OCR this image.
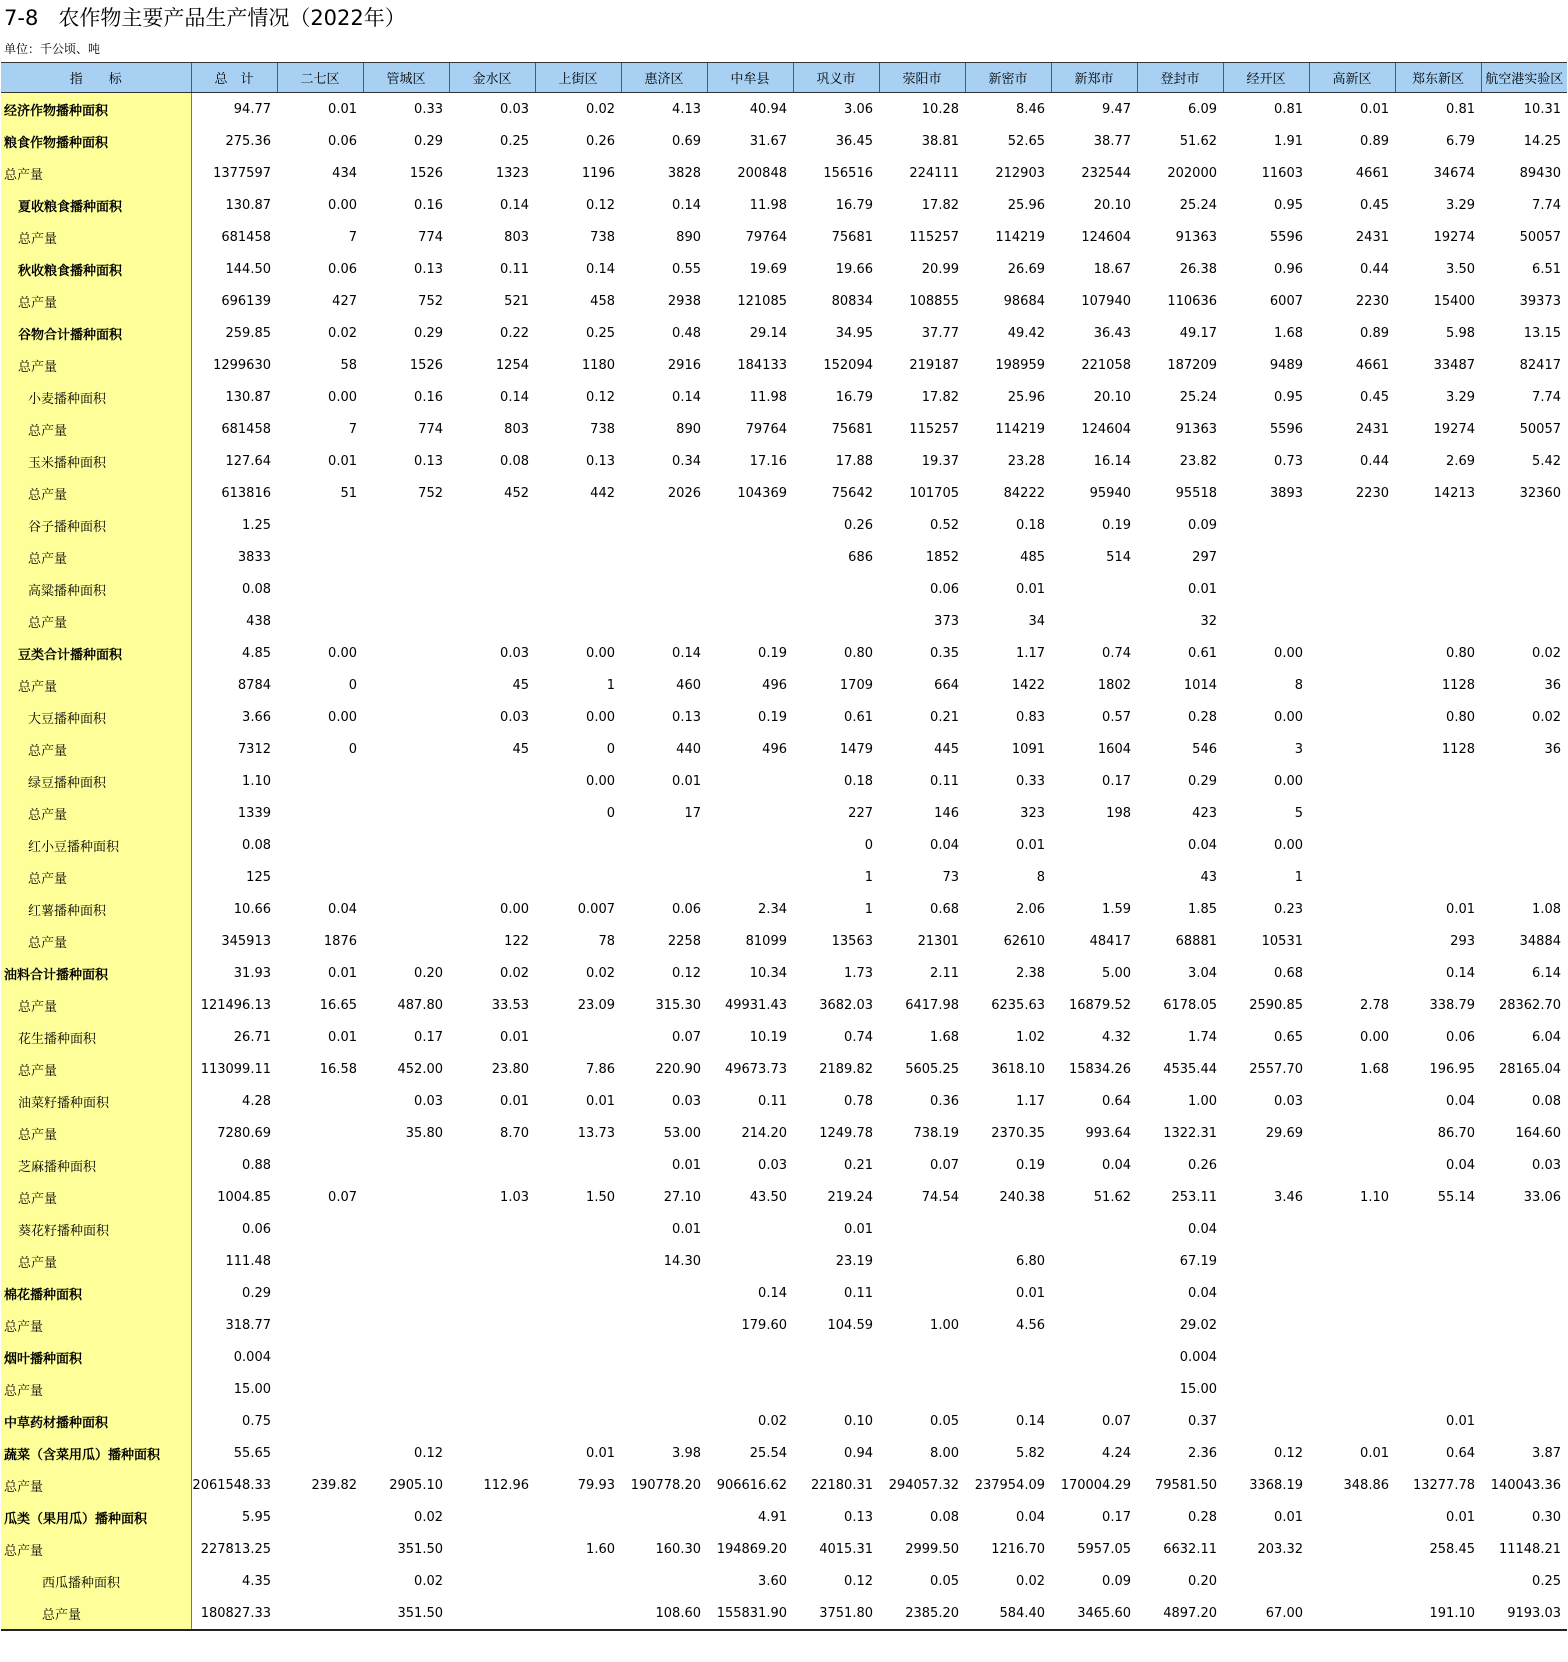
7-8   农作物主要产品生产情况（2022年）
单位：千公顷、吨
指　　标	总　计	二七区	管城区	金水区	上街区	惠济区	中牟县	巩义市	荥阳市	新密市	新郑市	登封市	经开区	高新区	郑东新区	航空港实验区
经济作物播种面积	94.77	0.01	0.33	0.03	0.02	4.13	40.94	3.06	10.28	8.46	9.47	6.09	0.81	0.01	0.81	10.31
粮食作物播种面积	275.36	0.06	0.29	0.25	0.26	0.69	31.67	36.45	38.81	52.65	38.77	51.62	1.91	0.89	6.79	14.25
总产量	1377597	434	1526	1323	1196	3828	200848	156516	224111	212903	232544	202000	11603	4661	34674	89430
夏收粮食播种面积	130.87	0.00	0.16	0.14	0.12	0.14	11.98	16.79	17.82	25.96	20.10	25.24	0.95	0.45	3.29	7.74
总产量	681458	7	774	803	738	890	79764	75681	115257	114219	124604	91363	5596	2431	19274	50057
秋收粮食播种面积	144.50	0.06	0.13	0.11	0.14	0.55	19.69	19.66	20.99	26.69	18.67	26.38	0.96	0.44	3.50	6.51
总产量	696139	427	752	521	458	2938	121085	80834	108855	98684	107940	110636	6007	2230	15400	39373
谷物合计播种面积	259.85	0.02	0.29	0.22	0.25	0.48	29.14	34.95	37.77	49.42	36.43	49.17	1.68	0.89	5.98	13.15
总产量	1299630	58	1526	1254	1180	2916	184133	152094	219187	198959	221058	187209	9489	4661	33487	82417
小麦播种面积	130.87	0.00	0.16	0.14	0.12	0.14	11.98	16.79	17.82	25.96	20.10	25.24	0.95	0.45	3.29	7.74
总产量	681458	7	774	803	738	890	79764	75681	115257	114219	124604	91363	5596	2431	19274	50057
玉米播种面积	127.64	0.01	0.13	0.08	0.13	0.34	17.16	17.88	19.37	23.28	16.14	23.82	0.73	0.44	2.69	5.42
总产量	613816	51	752	452	442	2026	104369	75642	101705	84222	95940	95518	3893	2230	14213	32360
谷子播种面积	1.25							0.26	0.52	0.18	0.19	0.09				
总产量	3833							686	1852	485	514	297				
高粱播种面积	0.08								0.06	0.01		0.01				
总产量	438								373	34		32				
豆类合计播种面积	4.85	0.00		0.03	0.00	0.14	0.19	0.80	0.35	1.17	0.74	0.61	0.00		0.80	0.02
总产量	8784	0		45	1	460	496	1709	664	1422	1802	1014	8		1128	36
大豆播种面积	3.66	0.00		0.03	0.00	0.13	0.19	0.61	0.21	0.83	0.57	0.28	0.00		0.80	0.02
总产量	7312	0		45	0	440	496	1479	445	1091	1604	546	3		1128	36
绿豆播种面积	1.10				0.00	0.01		0.18	0.11	0.33	0.17	0.29	0.00			
总产量	1339				0	17		227	146	323	198	423	5			
红小豆播种面积	0.08							0	0.04	0.01		0.04	0.00			
总产量	125							1	73	8		43	1			
红薯播种面积	10.66	0.04		0.00	0.007	0.06	2.34	1	0.68	2.06	1.59	1.85	0.23		0.01	1.08
总产量	345913	1876		122	78	2258	81099	13563	21301	62610	48417	68881	10531		293	34884
油料合计播种面积	31.93	0.01	0.20	0.02	0.02	0.12	10.34	1.73	2.11	2.38	5.00	3.04	0.68		0.14	6.14
总产量	121496.13	16.65	487.80	33.53	23.09	315.30	49931.43	3682.03	6417.98	6235.63	16879.52	6178.05	2590.85	2.78	338.79	28362.70
花生播种面积	26.71	0.01	0.17	0.01		0.07	10.19	0.74	1.68	1.02	4.32	1.74	0.65	0.00	0.06	6.04
总产量	113099.11	16.58	452.00	23.80	7.86	220.90	49673.73	2189.82	5605.25	3618.10	15834.26	4535.44	2557.70	1.68	196.95	28165.04
油菜籽播种面积	4.28		0.03	0.01	0.01	0.03	0.11	0.78	0.36	1.17	0.64	1.00	0.03		0.04	0.08
总产量	7280.69		35.80	8.70	13.73	53.00	214.20	1249.78	738.19	2370.35	993.64	1322.31	29.69		86.70	164.60
芝麻播种面积	0.88					0.01	0.03	0.21	0.07	0.19	0.04	0.26			0.04	0.03
总产量	1004.85	0.07		1.03	1.50	27.10	43.50	219.24	74.54	240.38	51.62	253.11	3.46	1.10	55.14	33.06
葵花籽播种面积	0.06					0.01		0.01				0.04				
总产量	111.48					14.30		23.19		6.80		67.19				
棉花播种面积	0.29						0.14	0.11		0.01		0.04				
总产量	318.77						179.60	104.59	1.00	4.56		29.02				
烟叶播种面积	0.004											0.004				
总产量	15.00											15.00				
中草药材播种面积	0.75						0.02	0.10	0.05	0.14	0.07	0.37			0.01	
蔬菜（含菜用瓜）播种面积	55.65		0.12		0.01	3.98	25.54	0.94	8.00	5.82	4.24	2.36	0.12	0.01	0.64	3.87
总产量	2061548.33	239.82	2905.10	112.96	79.93	190778.20	906616.62	22180.31	294057.32	237954.09	170004.29	79581.50	3368.19	348.86	13277.78	140043.36
瓜类（果用瓜）播种面积	5.95		0.02				4.91	0.13	0.08	0.04	0.17	0.28	0.01		0.01	0.30
总产量	227813.25		351.50		1.60	160.30	194869.20	4015.31	2999.50	1216.70	5957.05	6632.11	203.32		258.45	11148.21
西瓜播种面积	4.35		0.02				3.60	0.12	0.05	0.02	0.09	0.20				0.25
总产量	180827.33		351.50			108.60	155831.90	3751.80	2385.20	584.40	3465.60	4897.20	67.00		191.10	9193.03
